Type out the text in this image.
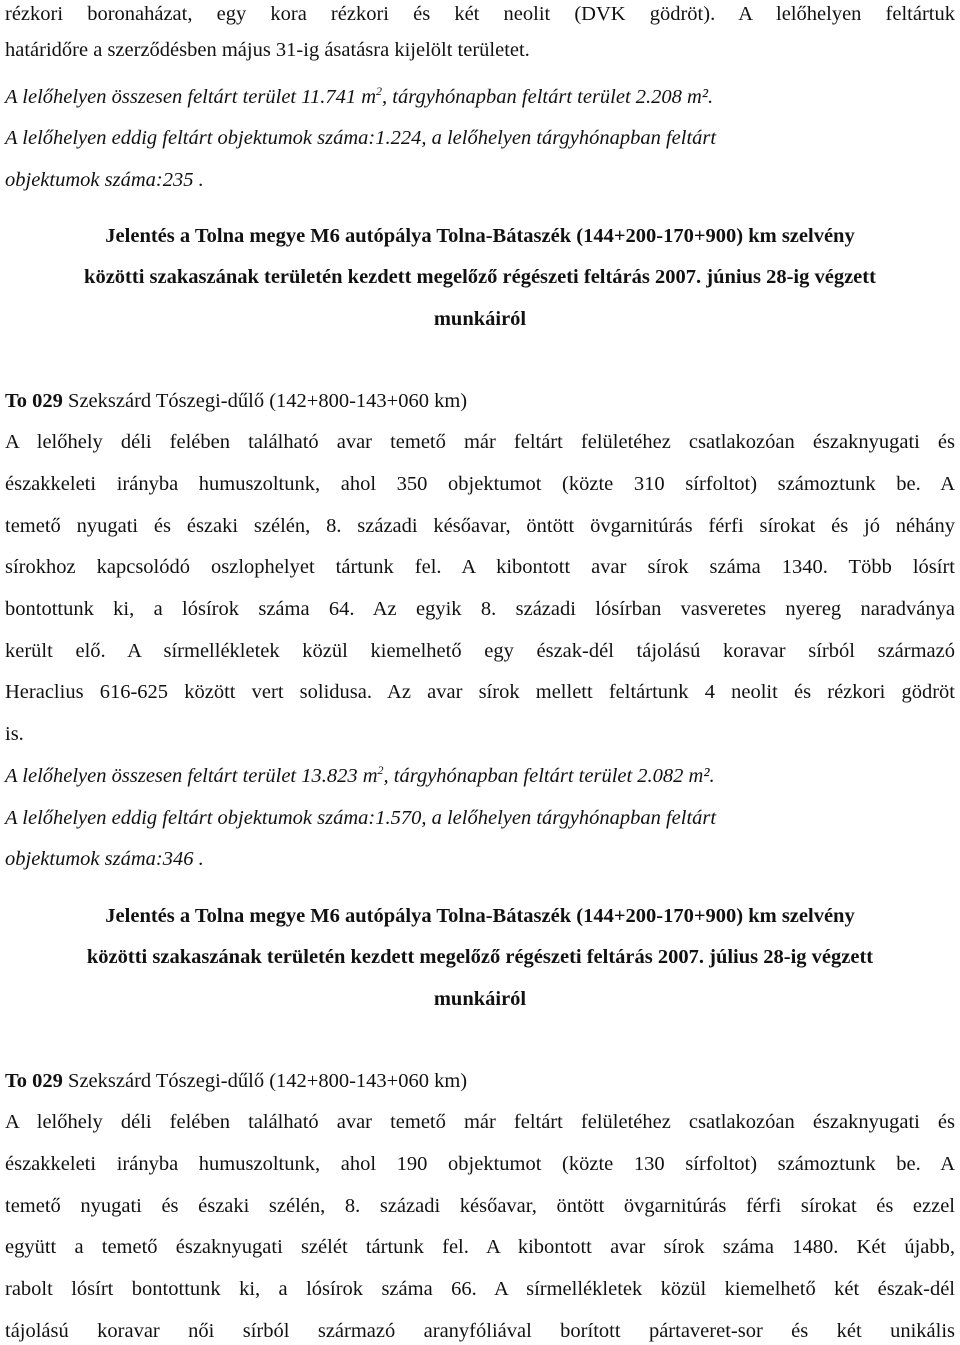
rézkori boronaházat, egy kora rézkori és két neolit (DVK gödröt). A lelőhelyen feltártuk
határidőre a szerződésben május 31-ig ásatásra kijelölt területet.
A lelőhelyen összesen feltárt terület 11.741 $m^2$, tárgyhónapban feltárt terület 2.208 m².
A lelőhelyen eddig feltárt objektumok száma:1.224, a lelőhelyen tárgyhónapban feltárt
objektumok száma:235 .
Jelentés a Tolna megye M6 autópálya Tolna-Bátaszék (144+200-170+900) km szelvény
közötti szakaszának területén kezdett megelőző régészeti feltárás 2007. június 28-ig végzett
munkáiról
To 029 Szekszárd Tószegi-dűlő (142+800-143+060 km)
A lelőhely déli felében található avar temető már feltárt felületéhez csatlakozóan északnyugati és
északkeleti irányba humuszoltunk, ahol 350 objektumot (közte 310 sírfoltot) számoztunk be. A
temető nyugati és északi szélén, 8. századi későavar, öntött övgarnitúrás férfi sírokat és jó néhány
sírokhoz kapcsolódó oszlophelyet tártunk fel. A kibontott avar sírok száma 1340. Több lósírt
bontottunk ki, a lósírok száma 64. Az egyik 8. századi lósírban vasveretes nyereg naradványa
került elő. A sírmellékletek közül kiemelhető egy észak-dél tájolású koravar sírból származó
Heraclius 616-625 között vert solidusa. Az avar sírok mellett feltártunk 4 neolit és rézkori gödröt
is.
A lelőhelyen összesen feltárt terület 13.823 $m^2$, tárgyhónapban feltárt terület 2.082 m².
A lelőhelyen eddig feltárt objektumok száma:1.570, a lelőhelyen tárgyhónapban feltárt
objektumok száma:346 .
Jelentés a Tolna megye M6 autópálya Tolna-Bátaszék (144+200-170+900) km szelvény
közötti szakaszának területén kezdett megelőző régészeti feltárás 2007. július 28-ig végzett
munkáiról
To 029 Szekszárd Tószegi-dűlő (142+800-143+060 km)
A lelőhely déli felében található avar temető már feltárt felületéhez csatlakozóan északnyugati és
északkeleti irányba humuszoltunk, ahol 190 objektumot (közte 130 sírfoltot) számoztunk be. A
temető nyugati és északi szélén, 8. századi későavar, öntött övgarnitúrás férfi sírokat és ezzel
együtt a temető északnyugati szélét tártunk fel. A kibontott avar sírok száma 1480. Két újabb,
rabolt lósírt bontottunk ki, a lósírok száma 66. A sírmellékletek közül kiemelhető két észak-dél
tájolású koravar női sírból származó aranyfóliával borított pártaveret-sor és két unikális
